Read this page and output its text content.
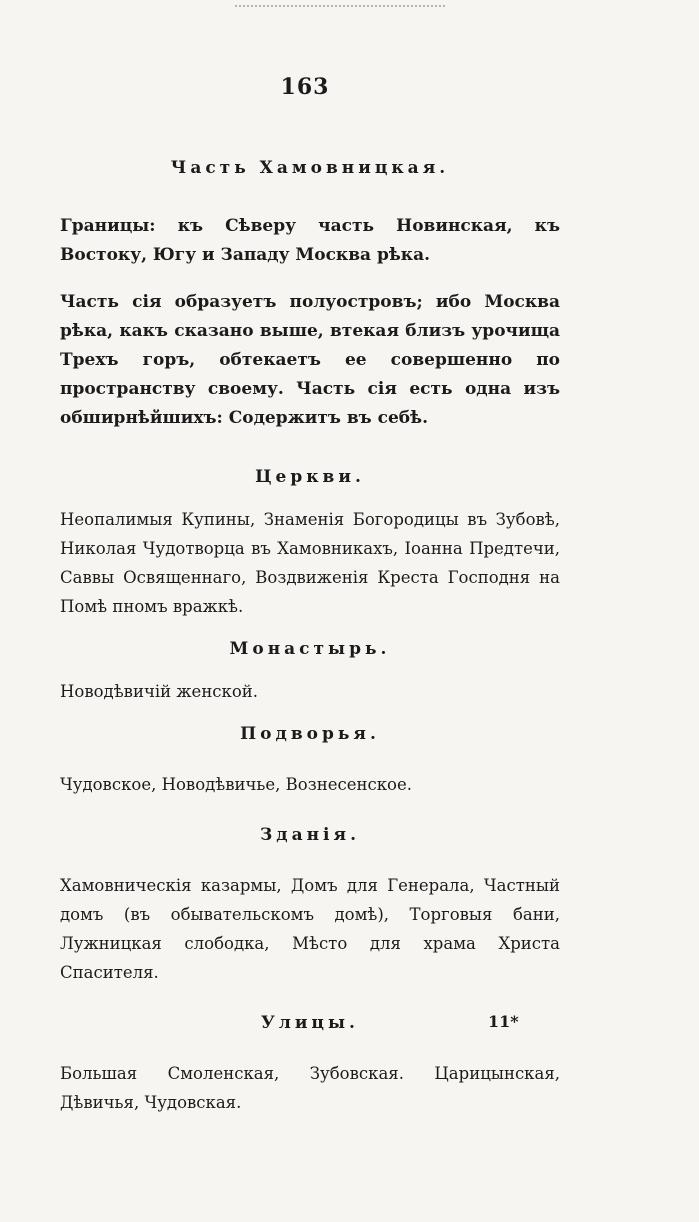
163
Часть Хамовницкая.

Границы: къ Сѣверу часть Новинская, къ Востоку, Югу и Западу Москва рѣка.

Часть сія образуетъ полуостровъ; ибо Москва рѣка, какъ сказано выше, втекая близъ урочища Трехъ горъ, обтекаетъ ее совершенно по пространству своему. Часть сія есть одна изъ обширнѣйшихъ: Содержитъ въ себѣ.

Церкви.

Неопалимыя Купины, Знаменія Богородицы въ Зубовѣ, Николая Чудотворца въ Хамовникахъ, Іоанна Предтечи, Саввы Освященнаго, Воздвиженія Креста Господня на Помѣ пномъ вражкѣ.

Монастырь.

Новодѣвичій женской.

Подворья.

Чудовское, Новодѣвичье, Вознесенское.

Зданія.

Хамовническія казармы, Домъ для Генерала, Частный домъ (въ обывательскомъ домѣ), Торговыя бани, Лужницкая слободка, Мѣсто для храма Христа Спасителя.

Улицы.

Большая Смоленская, Зубовская. Царицынская, Дѣвичья, Чудовская.

11*
